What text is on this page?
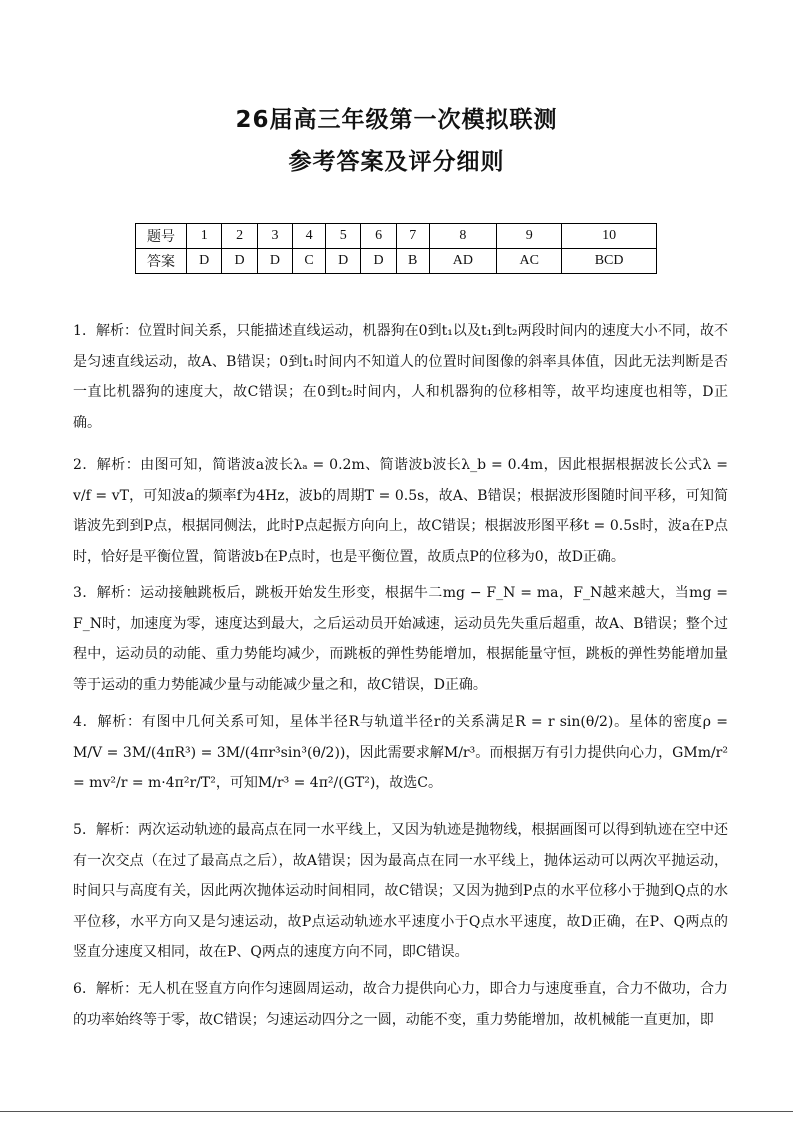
26届高三年级第一次模拟联测
参考答案及评分细则
题号	1	2	3	4	5	6	7	8	9	10
答案	D	D	D	C	D	D	B	AD	AC	BCD

1．解析：位置时间关系，只能描述直线运动，机器狗在0到t₁以及t₁到t₂两段时间内的速度大小不同，故不是匀速直线运动，故A、B错误；0到t₁时间内不知道人的位置时间图像的斜率具体值，因此无法判断是否一直比机器狗的速度大，故C错误；在0到t₂时间内，人和机器狗的位移相等，故平均速度也相等，D正确。

2．解析：由图可知，简谐波a波长λₐ = 0.2m、简谐波b波长λ_b = 0.4m，因此根据根据波长公式λ = v/f = vT，可知波a的频率f为4Hz，波b的周期T = 0.5s，故A、B错误；根据波形图随时间平移，可知简谐波先到到P点，根据同侧法，此时P点起振方向向上，故C错误；根据波形图平移t = 0.5s时，波a在P点时，恰好是平衡位置，简谐波b在P点时，也是平衡位置，故质点P的位移为0，故D正确。

3．解析：运动接触跳板后，跳板开始发生形变，根据牛二mg − F_N = ma，F_N越来越大，当mg = F_N时，加速度为零，速度达到最大，之后运动员开始减速，运动员先失重后超重，故A、B错误；整个过程中，运动员的动能、重力势能均减少，而跳板的弹性势能增加，根据能量守恒，跳板的弹性势能增加量等于运动的重力势能减少量与动能减少量之和，故C错误，D正确。

4．解析：有图中几何关系可知，星体半径R与轨道半径r的关系满足R = r sin(θ/2)。星体的密度ρ = M/V = 3M/(4πR³) = 3M/(4πr³sin³(θ/2))，因此需要求解M/r³。而根据万有引力提供向心力，GMm/r² = mv²/r = m·4π²r/T²，可知M/r³ = 4π²/(GT²)，故选C。

5．解析：两次运动轨迹的最高点在同一水平线上，又因为轨迹是抛物线，根据画图可以得到轨迹在空中还有一次交点（在过了最高点之后），故A错误；因为最高点在同一水平线上，抛体运动可以两次平抛运动，时间只与高度有关，因此两次抛体运动时间相同，故C错误；又因为抛到P点的水平位移小于抛到Q点的水平位移，水平方向又是匀速运动，故P点运动轨迹水平速度小于Q点水平速度，故D正确，在P、Q两点的竖直分速度又相同，故在P、Q两点的速度方向不同，即C错误。

6．解析：无人机在竖直方向作匀速圆周运动，故合力提供向心力，即合力与速度垂直，合力不做功，合力的功率始终等于零，故C错误；匀速运动四分之一圆，动能不变，重力势能增加，故机械能一直更加，即
